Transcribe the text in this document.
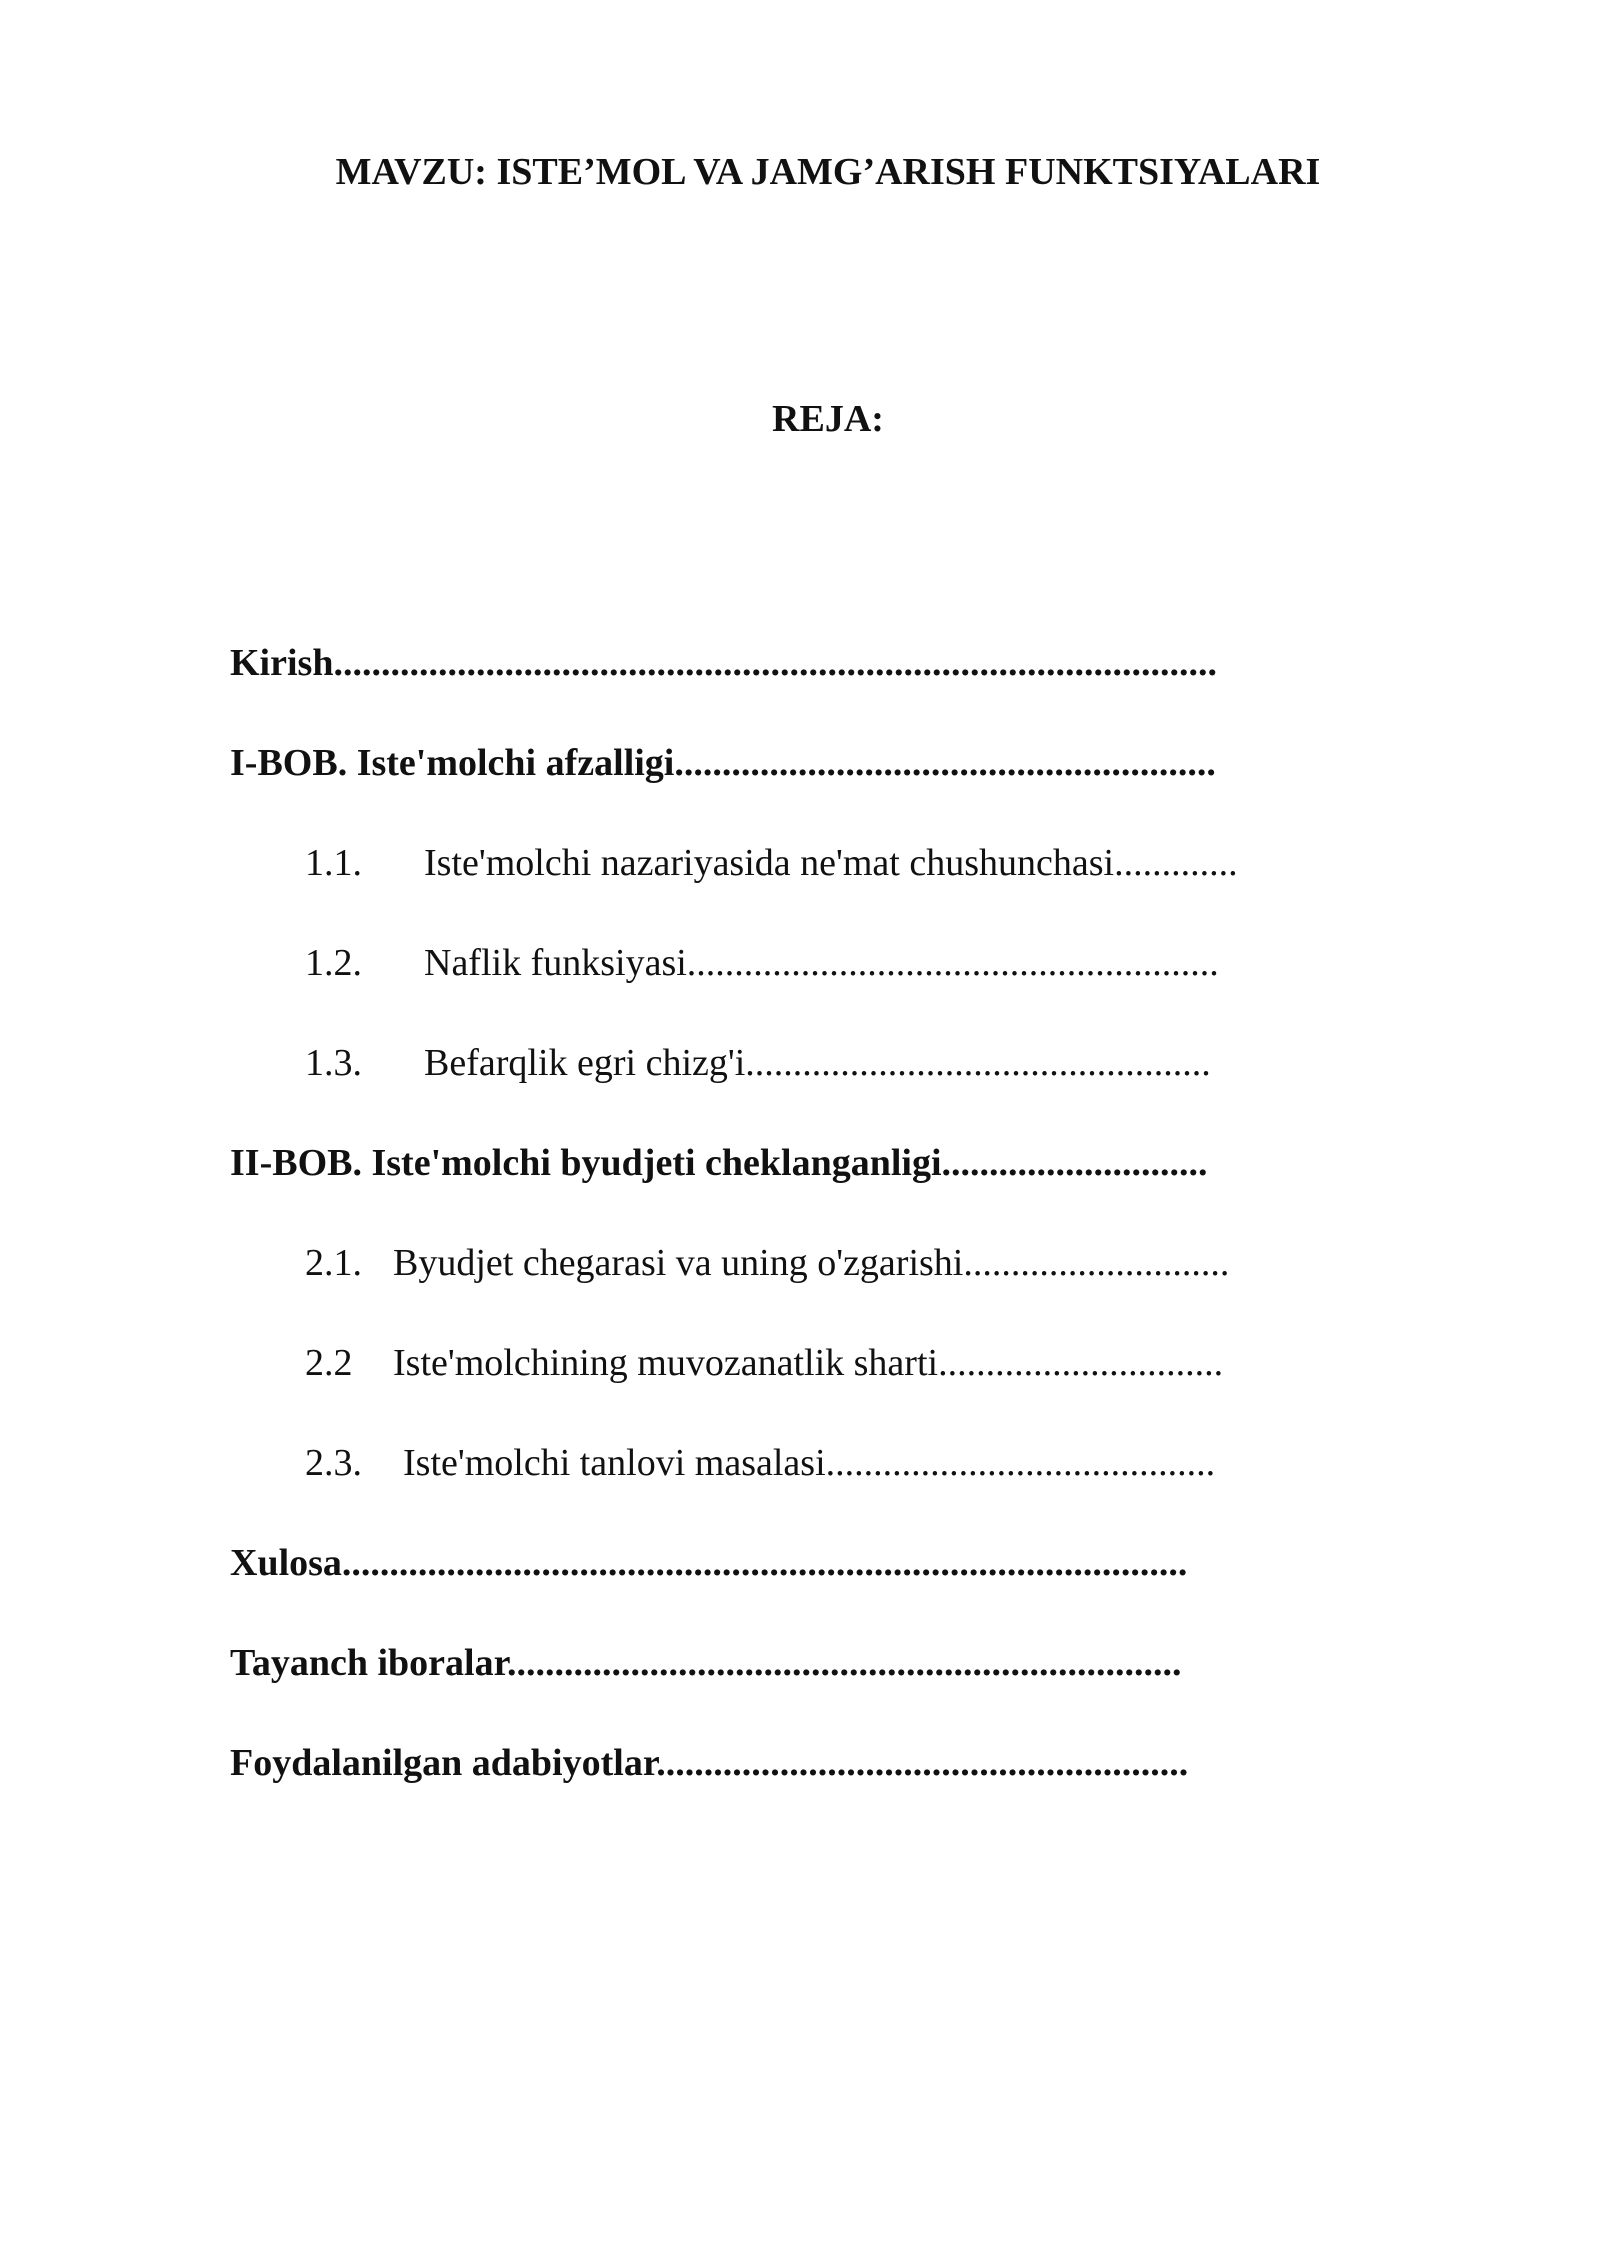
MAVZU: ISTE’MOL VA JAMG’ARISH FUNKTSIYALARI
REJA:
Kirish.............................................................................................
I-BOB. Iste'molchi afzalligi.........................................................
1.1. Iste'molchi nazariyasida ne'mat chushunchasi.............
1.2. Naflik funksiyasi........................................................
1.3. Befarqlik egri chizg'i.................................................
II-BOB. Iste'molchi byudjeti cheklanganligi............................
2.1. Byudjet chegarasi va uning o'zgarishi............................
2.2 Iste'molchining muvozanatlik sharti..............................
2.3. Iste'molchi tanlovi masalasi.........................................
Xulosa.........................................................................................
Tayanch iboralar.......................................................................
Foydalanilgan adabiyotlar........................................................
